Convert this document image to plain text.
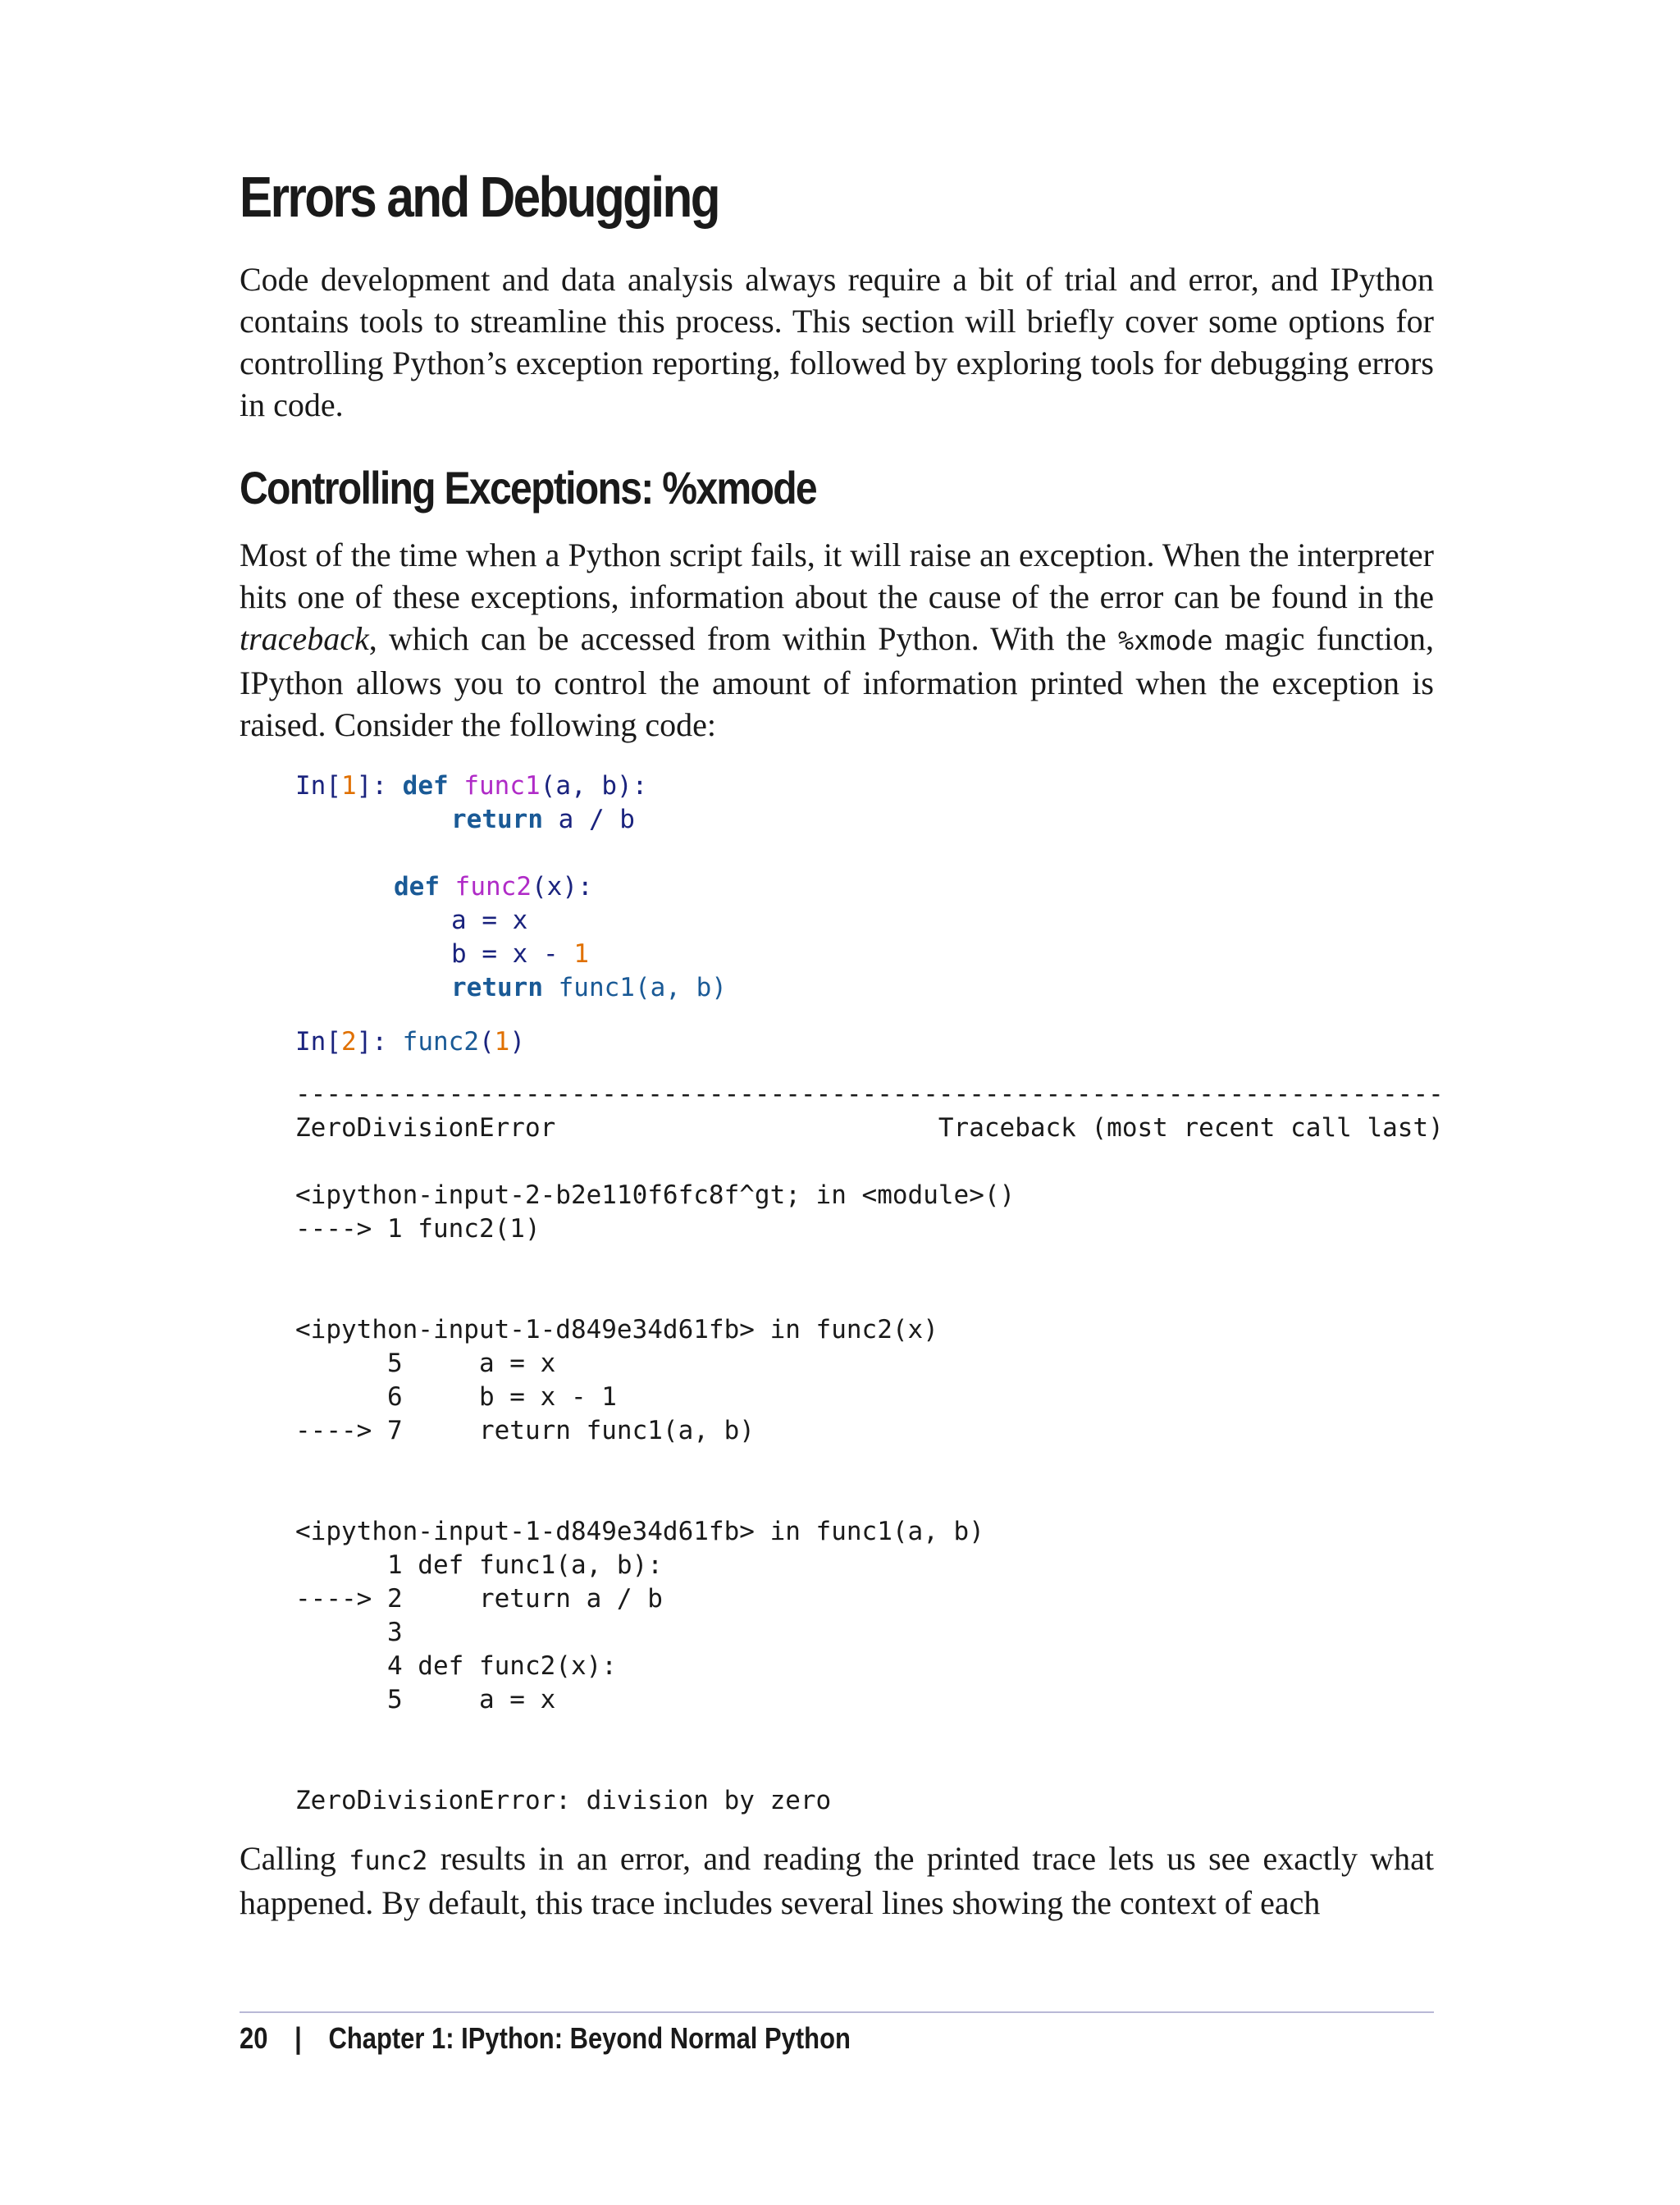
Errors and Debugging

Code development and data analysis always require a bit of trial and error, and IPython contains tools to streamline this process. This section will briefly cover some options for controlling Python’s exception reporting, followed by exploring tools for debugging errors in code.

Controlling Exceptions: %xmode

Most of the time when a Python script fails, it will raise an exception. When the interpreter hits one of these exceptions, information about the cause of the error can be found in the traceback, which can be accessed from within Python. With the %xmode magic function, IPython allows you to control the amount of information printed when the exception is raised. Consider the following code:

In[1]: def func1(a, b):
return a / b
def func2(x):
a = x
b = x - 1
return func1(a, b)
In[2]: func2(1)
---------------------------------------------------------------------------
ZeroDivisionError                         Traceback (most recent call last)
<ipython-input-2-b2e110f6fc8f^gt; in <module>()
----> 1 func2(1)
<ipython-input-1-d849e34d61fb> in func2(x)
5     a = x
6     b = x - 1
----> 7     return func1(a, b)
<ipython-input-1-d849e34d61fb> in func1(a, b)
1 def func1(a, b):
----> 2     return a / b
3
4 def func2(x):
5     a = x
ZeroDivisionError: division by zero

Calling func2 results in an error, and reading the printed trace lets us see exactly what happened. By default, this trace includes several lines showing the context of each

20 | Chapter 1: IPython: Beyond Normal Python
